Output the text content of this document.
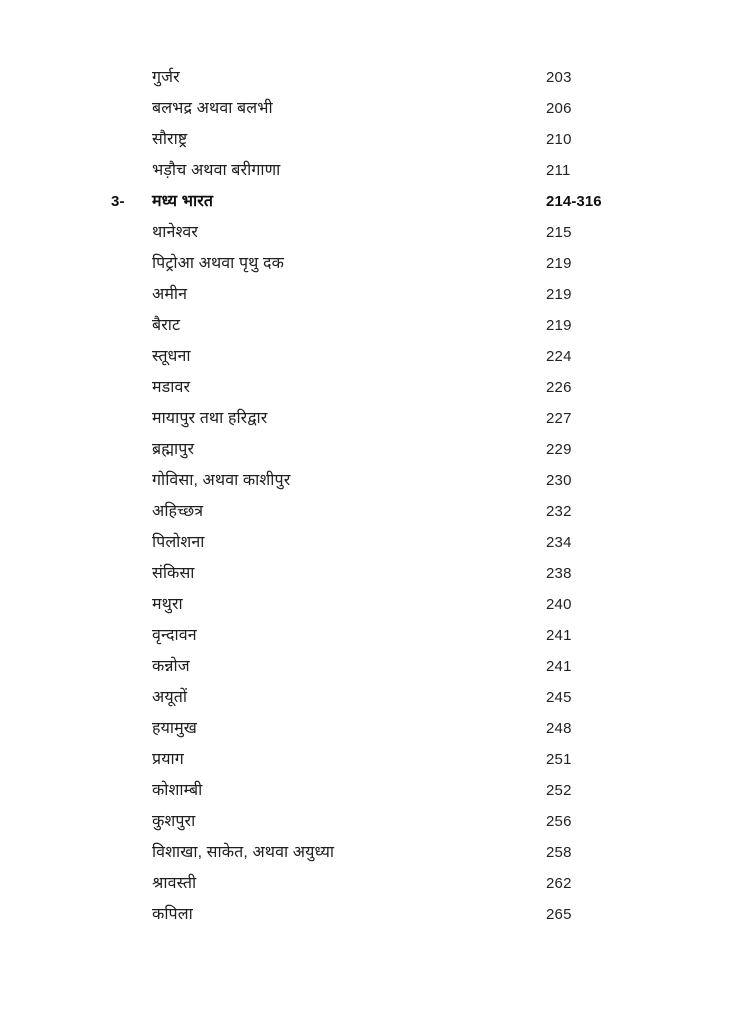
गुर्जर	203
बलभद्र अथवा बलभी	206
सौराष्ट्र	210
भड़ौच अथवा बरीगाणा	211
3-	मध्य भारत	214-316
थानेश्वर	215
पिट्रोआ अथवा पृथु दक	219
अमीन	219
बैराट	219
स्तूधना	224
मडावर	226
मायापुर तथा हरिद्वार	227
ब्रह्मापुर	229
गोविसा, अथवा काशीपुर	230
अहिच्छत्र	232
पिलोशना	234
संकिसा	238
मथुरा	240
वृन्दावन	241
कन्नोज	241
अयूतों	245
हयामुख	248
प्रयाग	251
कोशाम्बी	252
कुशपुरा	256
विशाखा, साकेत, अथवा अयुध्या	258
श्रावस्ती	262
कपिला	265
